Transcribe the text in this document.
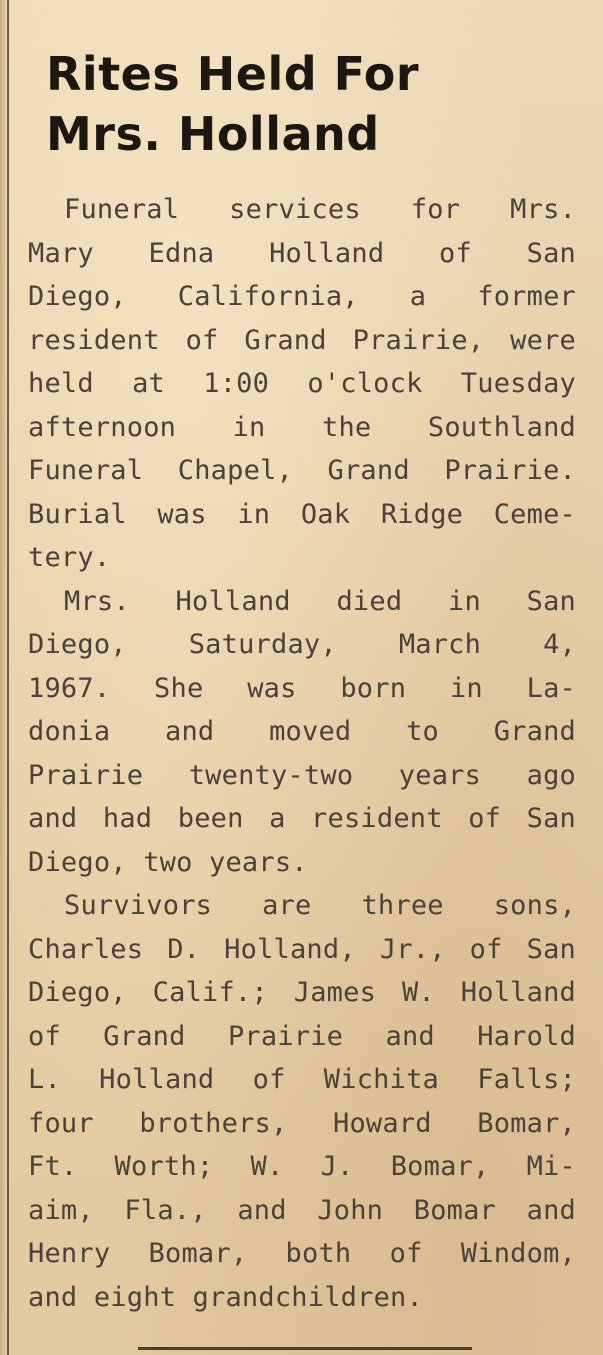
Rites Held For
Mrs. Holland

Funeral services for Mrs.
Mary Edna Holland of San
Diego, California, a former
resident of Grand Prairie, were
held at 1:00 o'clock Tuesday
afternoon in the Southland
Funeral Chapel, Grand Prairie.
Burial was in Oak Ridge Ceme-
tery.

Mrs. Holland died in San
Diego, Saturday, March 4,
1967. She was born in La-
donia and moved to Grand
Prairie twenty-two years ago
and had been a resident of San
Diego, two years.

Survivors are three sons,
Charles D. Holland, Jr., of San
Diego, Calif.; James W. Holland
of Grand Prairie and Harold
L. Holland of Wichita Falls;
four brothers, Howard Bomar,
Ft. Worth; W. J. Bomar, Mi-
aim, Fla., and John Bomar and
Henry Bomar, both of Windom,
and eight grandchildren.
